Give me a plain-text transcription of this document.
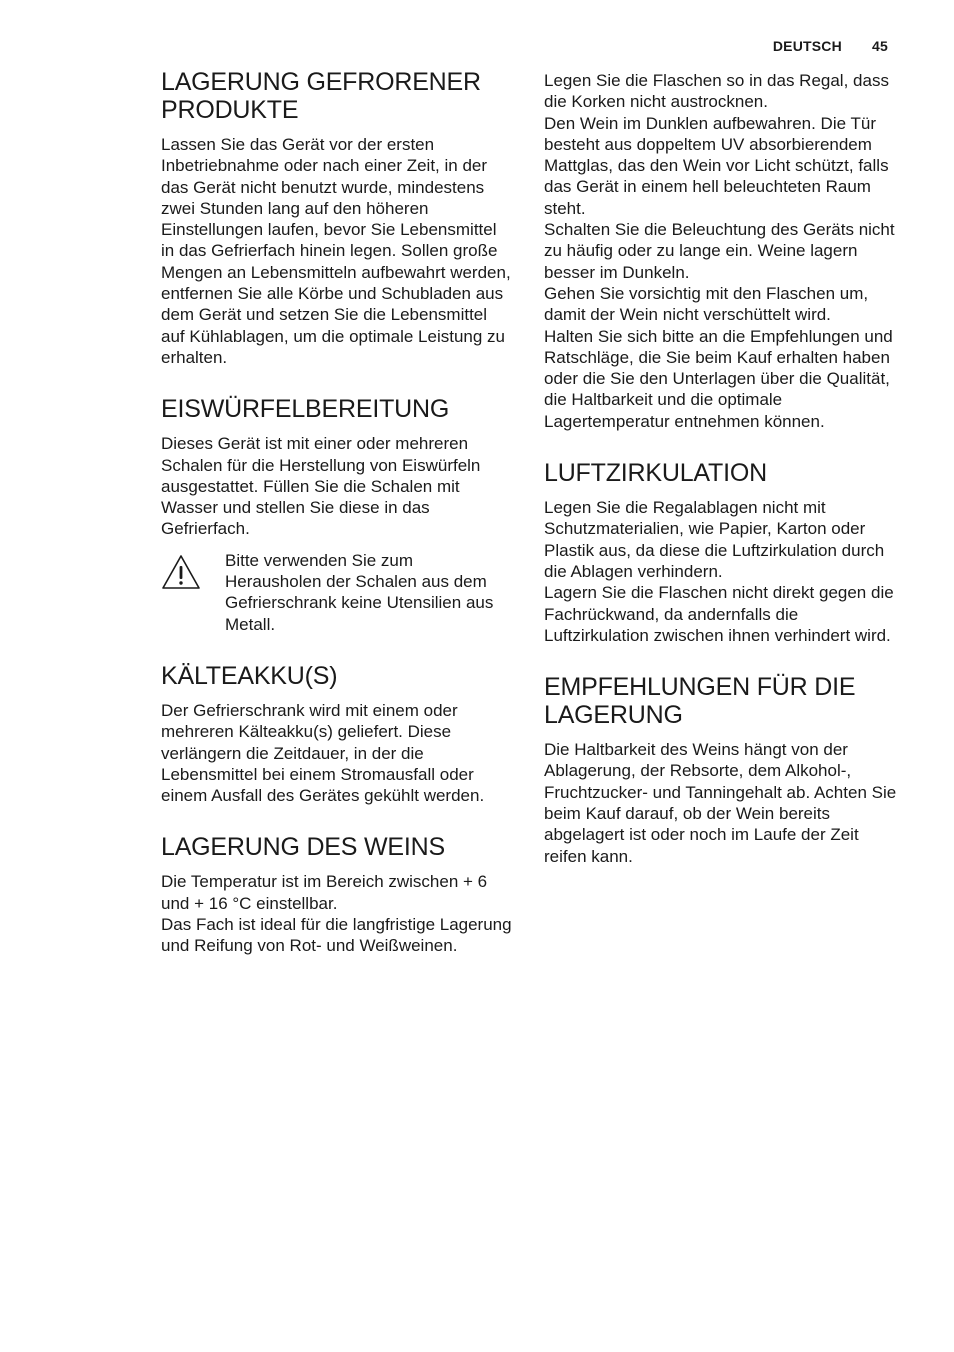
DEUTSCH 45
LAGERUNG GEFRORENER PRODUKTE

Lassen Sie das Gerät vor der ersten Inbetriebnahme oder nach einer Zeit, in der das Gerät nicht benutzt wurde, mindestens zwei Stunden lang auf den höheren Einstellungen laufen, bevor Sie Lebensmittel in das Gefrierfach hinein legen. Sollen große Mengen an Lebensmitteln aufbewahrt werden, entfernen Sie alle Körbe und Schubladen aus dem Gerät und setzen Sie die Lebensmittel auf Kühlablagen, um die optimale Leistung zu erhalten.

EISWÜRFELBEREITUNG

Dieses Gerät ist mit einer oder mehreren Schalen für die Herstellung von Eiswürfeln ausgestattet. Füllen Sie die Schalen mit Wasser und stellen Sie diese in das Gefrierfach.

Bitte verwenden Sie zum Herausholen der Schalen aus dem Gefrierschrank keine Utensilien aus Metall.

KÄLTEAKKU(S)

Der Gefrierschrank wird mit einem oder mehreren Kälteakku(s) geliefert. Diese verlängern die Zeitdauer, in der die Lebensmittel bei einem Stromausfall oder einem Ausfall des Gerätes gekühlt werden.

LAGERUNG DES WEINS

Die Temperatur ist im Bereich zwischen + 6 und + 16 °C einstellbar.

Das Fach ist ideal für die langfristige Lagerung und Reifung von Rot- und Weißweinen.

Legen Sie die Flaschen so in das Regal, dass die Korken nicht austrocknen.

Den Wein im Dunklen aufbewahren. Die Tür besteht aus doppeltem UV absorbierendem Mattglas, das den Wein vor Licht schützt, falls das Gerät in einem hell beleuchteten Raum steht.

Schalten Sie die Beleuchtung des Geräts nicht zu häufig oder zu lange ein. Weine lagern besser im Dunkeln.

Gehen Sie vorsichtig mit den Flaschen um, damit der Wein nicht verschüttelt wird.

Halten Sie sich bitte an die Empfehlungen und Ratschläge, die Sie beim Kauf erhalten haben oder die Sie den Unterlagen über die Qualität, die Haltbarkeit und die optimale Lagertemperatur entnehmen können.

LUFTZIRKULATION

Legen Sie die Regalablagen nicht mit Schutzmaterialien, wie Papier, Karton oder Plastik aus, da diese die Luftzirkulation durch die Ablagen verhindern.

Lagern Sie die Flaschen nicht direkt gegen die Fachrückwand, da andernfalls die Luftzirkulation zwischen ihnen verhindert wird.

EMPFEHLUNGEN FÜR DIE LAGERUNG

Die Haltbarkeit des Weins hängt von der Ablagerung, der Rebsorte, dem Alkohol-, Fruchtzucker- und Tanningehalt ab. Achten Sie beim Kauf darauf, ob der Wein bereits abgelagert ist oder noch im Laufe der Zeit reifen kann.
